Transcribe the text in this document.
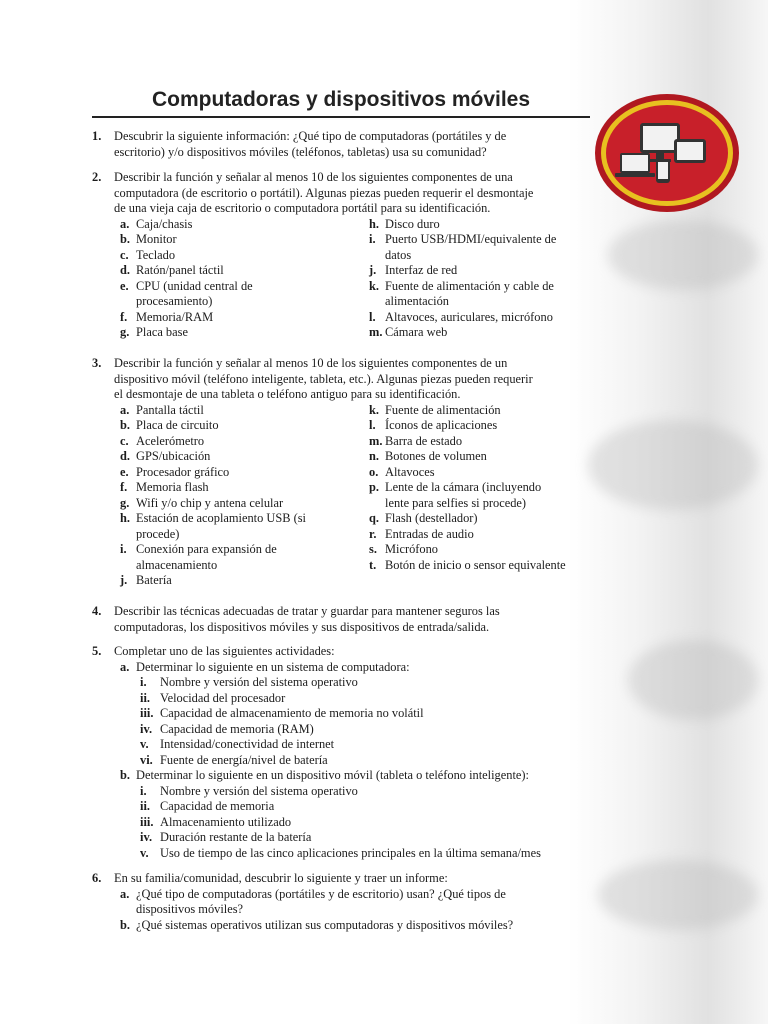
Computadoras y dispositivos móviles
1. Descubrir la siguiente información: ¿Qué tipo de computadoras (portátiles y de
escritorio) y/o dispositivos móviles (teléfonos, tabletas) usa su comunidad?
2. Describir la función y señalar al menos 10 de los siguientes componentes de una
computadora (de escritorio o portátil). Algunas piezas pueden requerir el desmontaje
de una vieja caja de escritorio o computadora portátil para su identificación.
a. Caja/chasis
b. Monitor
c. Teclado
d. Ratón/panel táctil
e. CPU (unidad central de
procesamiento)
f. Memoria/RAM
g. Placa base
h. Disco duro
i. Puerto USB/HDMI/equivalente de
datos
j. Interfaz de red
k. Fuente de alimentación y cable de
alimentación
l. Altavoces, auriculares, micrófono
m. Cámara web
3. Describir la función y señalar al menos 10 de los siguientes componentes de un
dispositivo móvil (teléfono inteligente, tableta, etc.). Algunas piezas pueden requerir
el desmontaje de una tableta o teléfono antiguo para su identificación.
a. Pantalla táctil
b. Placa de circuito
c. Acelerómetro
d. GPS/ubicación
e. Procesador gráfico
f. Memoria flash
g. Wifi y/o chip y antena celular
h. Estación de acoplamiento USB (si
procede)
i. Conexión para expansión de
almacenamiento
j. Batería
k. Fuente de alimentación
l. Íconos de aplicaciones
m. Barra de estado
n. Botones de volumen
o. Altavoces
p. Lente de la cámara (incluyendo
lente para selfies si procede)
q. Flash (destellador)
r. Entradas de audio
s. Micrófono
t. Botón de inicio o sensor equivalente
4. Describir las técnicas adecuadas de tratar y guardar para mantener seguros las
computadoras, los dispositivos móviles y sus dispositivos de entrada/salida.
5. Completar uno de las siguientes actividades:
a. Determinar lo siguiente en un sistema de computadora:
i. Nombre y versión del sistema operativo
ii. Velocidad del procesador
iii. Capacidad de almacenamiento de memoria no volátil
iv. Capacidad de memoria (RAM)
v. Intensidad/conectividad de internet
vi. Fuente de energía/nivel de batería
b. Determinar lo siguiente en un dispositivo móvil (tableta o teléfono inteligente):
i. Nombre y versión del sistema operativo
ii. Capacidad de memoria
iii. Almacenamiento utilizado
iv. Duración restante de la batería
v. Uso de tiempo de las cinco aplicaciones principales en la última semana/mes
6. En su familia/comunidad, descubrir lo siguiente y traer un informe:
a. ¿Qué tipo de computadoras (portátiles y de escritorio) usan? ¿Qué tipos de
dispositivos móviles?
b. ¿Qué sistemas operativos utilizan sus computadoras y dispositivos móviles?
